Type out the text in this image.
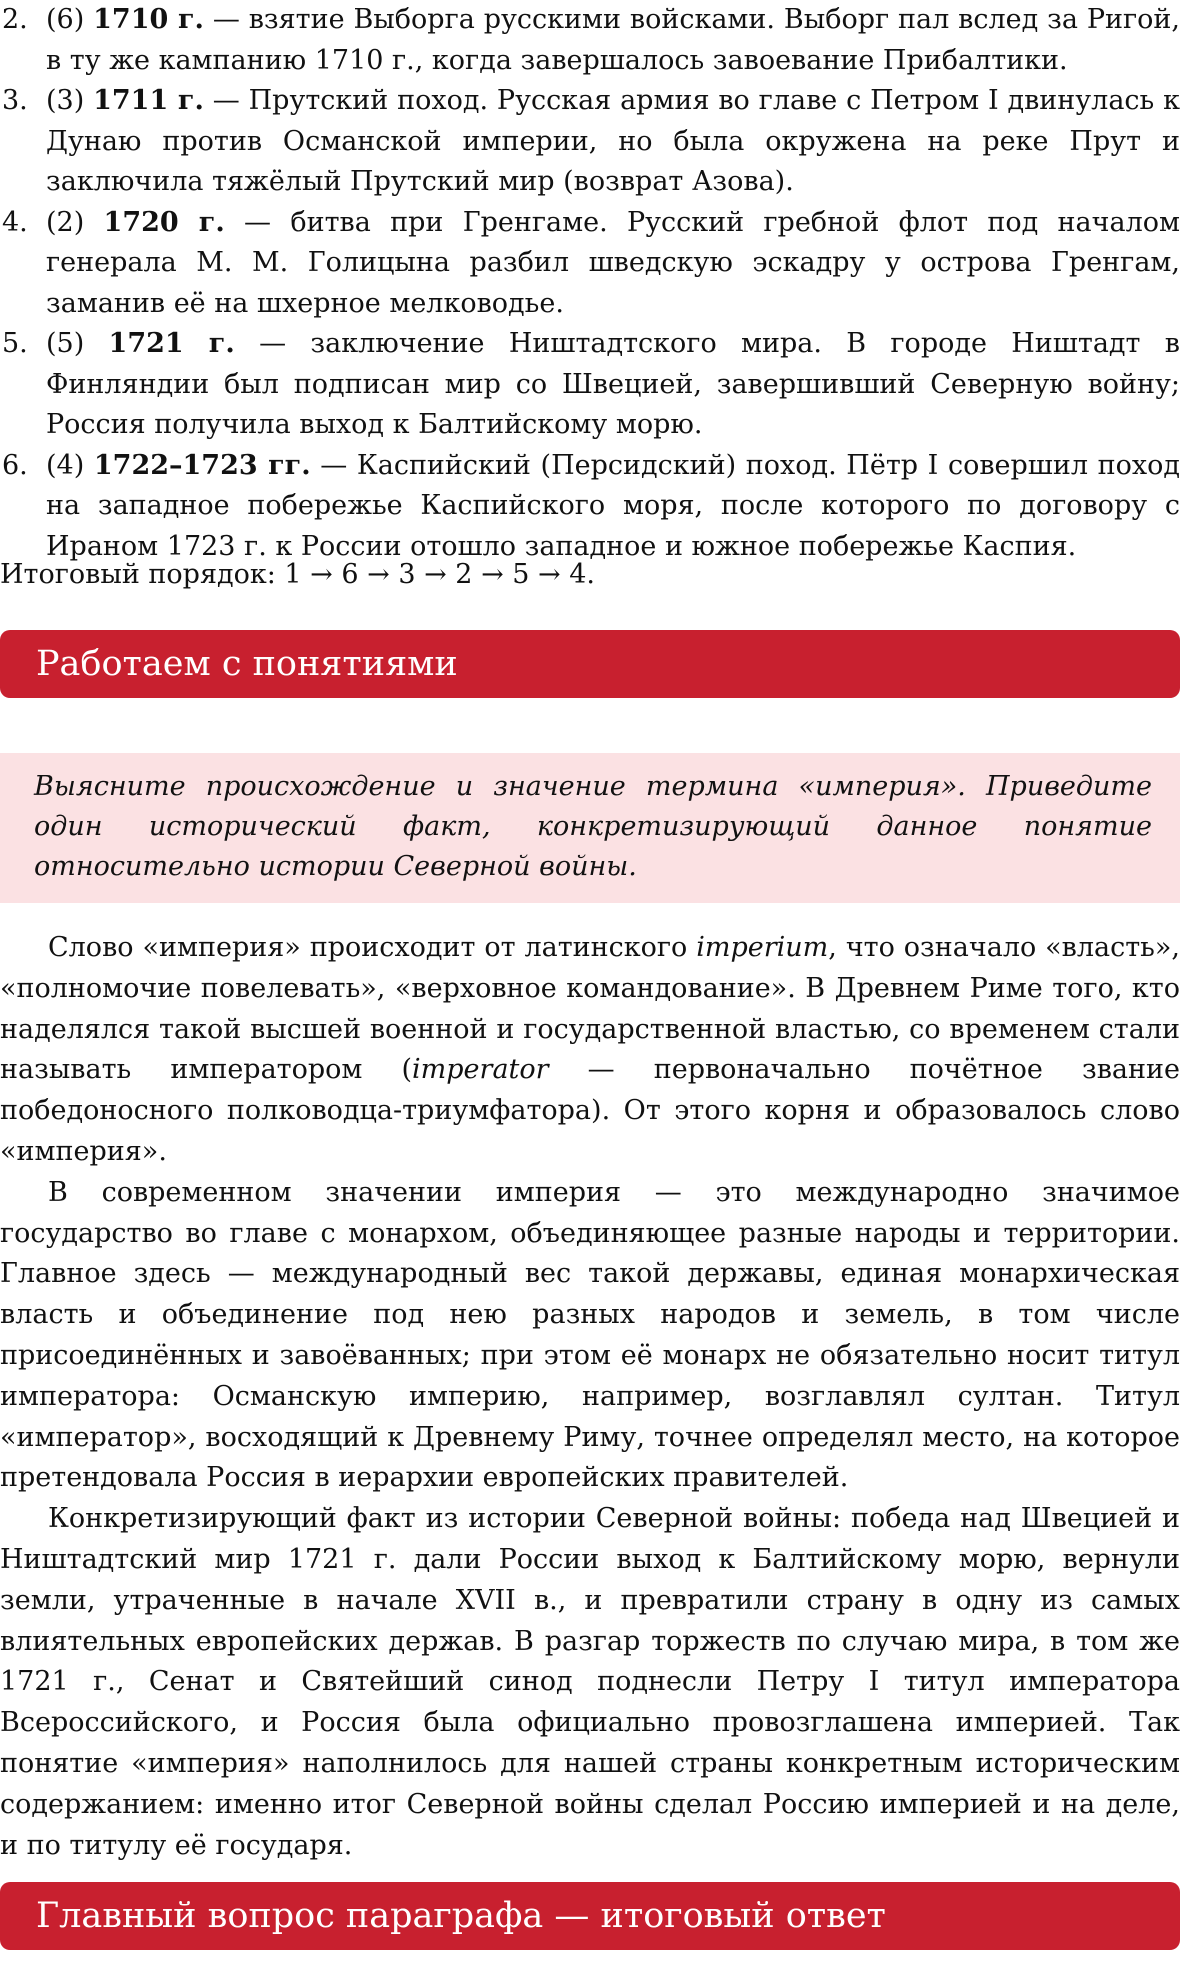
2. (6) 1710 г. — взятие Выборга русскими войсками. Выборг пал вслед за Ригой, в ту же кампанию 1710 г., когда завершалось завоевание Прибалтики.
3. (3) 1711 г. — Прутский поход. Русская армия во главе с Петром I двинулась к Дунаю против Османской империи, но была окружена на реке Прут и заключила тяжёлый Прутский мир (возврат Азова).
4. (2) 1720 г. — битва при Гренгаме. Русский гребной флот под началом генерала М. М. Голицына разбил шведскую эскадру у острова Гренгам, заманив её на шхерное мелководье.
5. (5) 1721 г. — заключение Ништадтского мира. В городе Ништадт в Финляндии был подписан мир со Швецией, завершивший Северную войну; Россия получила выход к Балтийскому морю.
6. (4) 1722–1723 гг. — Каспийский (Персидский) поход. Пётр I совершил поход на западное побережье Каспийского моря, после которого по договору с Ираном 1723 г. к России отошло западное и южное побережье Каспия.
Итоговый порядок: 1 → 6 → 3 → 2 → 5 → 4.
Работаем с понятиями
Выясните происхождение и значение термина «империя». Приведите один исторический факт, конкретизирующий данное понятие относительно истории Северной войны.

Слово «империя» происходит от латинского imperium, что означало «власть», «полномочие повелевать», «верховное командование». В Древнем Риме того, кто наделялся такой высшей военной и государственной властью, со временем стали называть императором (imperator — первоначально почётное звание победоносного полководца-триумфатора). От этого корня и образовалось слово «империя».

В современном значении империя — это международно значимое государство во главе с монархом, объединяющее разные народы и территории. Главное здесь — международный вес такой державы, единая монархическая власть и объединение под нею разных народов и земель, в том числе присоединённых и завоёванных; при этом её монарх не обязательно носит титул императора: Османскую империю, например, возглавлял султан. Титул «император», восходящий к Древнему Риму, точнее определял место, на которое претендовала Россия в иерархии европейских правителей.

Конкретизирующий факт из истории Северной войны: победа над Швецией и Ништадтский мир 1721 г. дали России выход к Балтийскому морю, вернули земли, утраченные в начале XVII в., и превратили страну в одну из самых влиятельных европейских держав. В разгар торжеств по случаю мира, в том же 1721 г., Сенат и Святейший синод поднесли Петру I титул императора Всероссийского, и Россия была официально провозглашена империей. Так понятие «империя» наполнилось для нашей страны конкретным историческим содержанием: именно итог Северной войны сделал Россию империей и на деле, и по титулу её государя.

Главный вопрос параграфа — итоговый ответ
